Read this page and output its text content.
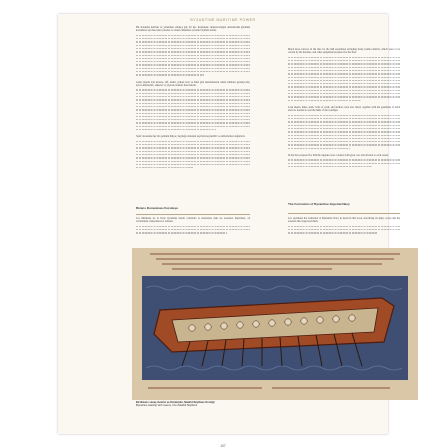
BYZANTINE MARITIME POWER

Bir donanma kurmak ve yönetmek oldukça güç bir işti. Kaynaklar, imparatorluğun denizlerdeki gücünün korunması için harcanan çabaları ve alınan önlemleri ayrıntılı biçimde anlatır.

Gemi yapımı için kereste, zift, demir, yelken bezi ve halat gibi malzemelerin temin edilmesi gerekiyordu; ayrıca kürekçiler, askerler ve yiyecek stokları hazırlanırdı.

Sefer öncesinde her bir geminin ihtiyaç duyduğu donanım sayılarla kaydedilir ve ambarlardan dağıtılırdı.

Bizans Donanması Kuruluşu

Les bâtiments de la flotte byzantine furent construits et entretenus dans les arsenaux impériaux, où travaillaient charpentiers et artisans.

Much more follows in the lists for the 949 expedition including many leather shields, which were to be carried by the marines, and other equipment prepared for the fleet.

Lead sheets, hides, nails, bolts of cloth, and anchors were also listed, together with the quantities of pitch and tow needed to seal the hulls of the warships.

In the lists prepared for 949 the supplies were counted with great care and allotted to each vessel.

The Formation of Byzantine Imperial Navy

Leo explained the formation of Byzantine Navy in detail in this book, describing its ships, crews and the arsenals that supported them.

Bir Bizans savaş Gemisi ve Kürekçiler, Madrid Skylitzes Kroniği
Byzantine warship with rowers, from Madrid Skylitzes
107
